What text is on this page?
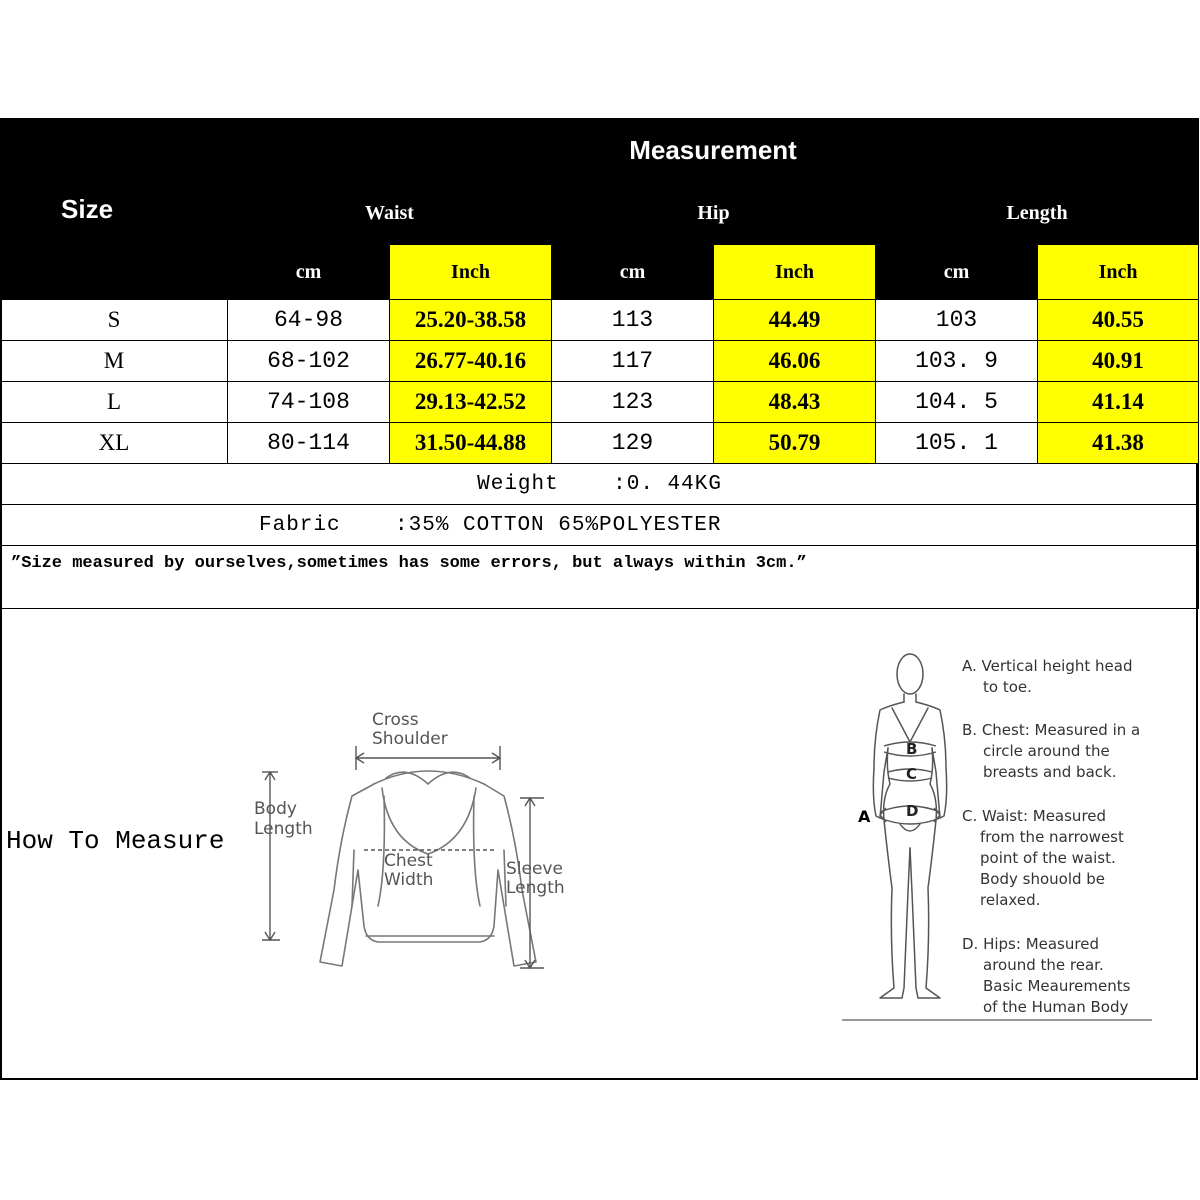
Size	Measurement					
	Waist		Hip		Length	
	cm	Inch	cm	Inch	cm	Inch
S	64-98	25.20-38.58	113	44.49	103	40.55
M	68-102	26.77-40.16	117	46.06	103. 9	40.91
L	74-108	29.13-42.52	123	48.43	104. 5	41.14
XL	80-114	31.50-44.88	129	50.79	105. 1	41.38
Weight    :0. 44KG						
Fabric    :35% COTTON 65%POLYESTER						
”Size measured by ourselves,sometimes has some errors, but always within 3cm.”						
How To Measure
Cross
Shoulder
Body
Length
Chest
Width
Sleeve
Length
A
B
C
D
A. Vertical height head
to toe.
B. Chest: Measured in a
circle around the
breasts and back.
C. Waist: Measured
from the narrowest
point of the waist.
Body shouold be
relaxed.
D. Hips: Measured
around the rear.
Basic Meaurements
of the Human Body
